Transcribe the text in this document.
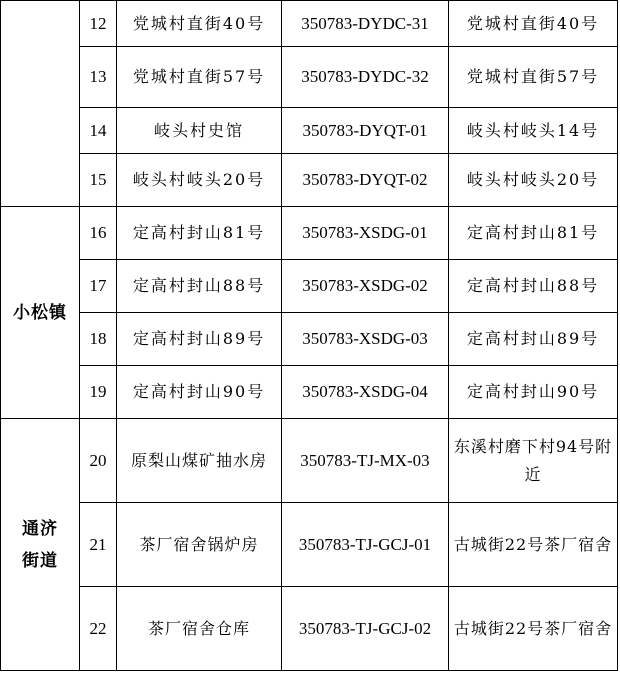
	12	党城村直街40号	350783-DYDC-31	党城村直街40号
	13	党城村直街57号	350783-DYDC-32	党城村直街57号
	14	岐头村史馆	350783-DYQT-01	岐头村岐头14号
	15	岐头村岐头20号	350783-DYQT-02	岐头村岐头20号
小松镇	16	定高村封山81号	350783-XSDG-01	定高村封山81号
	17	定高村封山88号	350783-XSDG-02	定高村封山88号
	18	定高村封山89号	350783-XSDG-03	定高村封山89号
	19	定高村封山90号	350783-XSDG-04	定高村封山90号

通济街道	20	原梨山煤矿抽水房	350783-TJ-MX-03	东溪村磨下村94号附近
	21	茶厂宿舍锅炉房	350783-TJ-GCJ-01	古城街22号茶厂宿舍
	22	茶厂宿舍仓库	350783-TJ-GCJ-02	古城街22号茶厂宿舍
